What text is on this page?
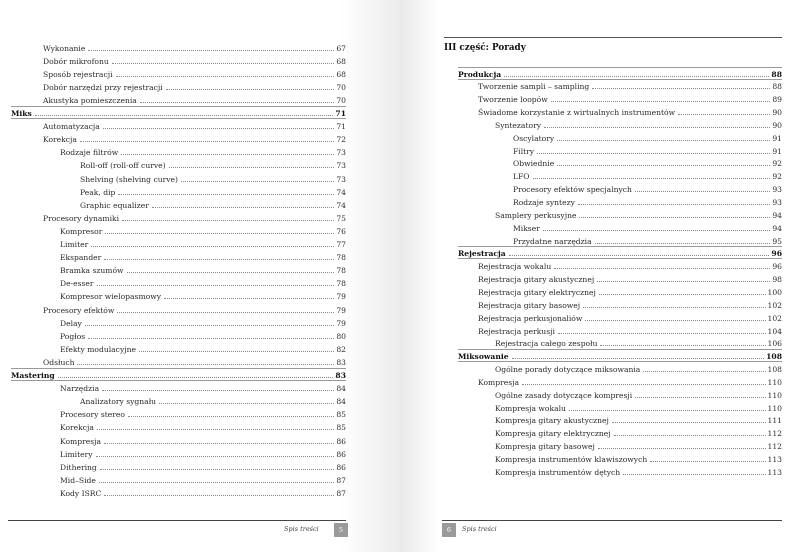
Wykonanie	67
Dobór mikrofonu	68
Sposób rejestracji	68
Dobór narzędzi przy rejestracji	70
Akustyka pomieszczenia	70
Miks	71
Automatyzacja	71
Korekcja	72
Rodzaje filtrów	73
Roll-off (roll-off curve)	73
Shelving (shelving curve)	73
Peak, dip	74
Graphic equalizer	74
Procesory dynamiki	75
Kompresor	76
Limiter	77
Ekspander	78
Bramka szumów	78
De-esser	78
Kompresor wielopasmowy	79
Procesory efektów	79
Delay	79
Pogłos	80
Efekty modulacyjne	82
Odsłuch	83
Mastering	83
Narzędzia	84
Analizatory sygnału	84
Procesory stereo	85
Korekcja	85
Kompresja	86
Limitery	86
Dithering	86
Mid–Side	87
Kody ISRC	87
Spis treści	5
III część: Porady
Produkcja	88
Tworzenie sampli – sampling	88
Tworzenie loopów	89
Świadome korzystanie z wirtualnych instrumentów	90
Syntezatory	90
Oscylatory	91
Filtry	91
Obwiednie	92
LFO	92
Procesory efektów specjalnych	93
Rodzaje syntezy	93
Samplery perkusyjne	94
Mikser	94
Przydatne narzędzia	95
Rejestracja	96
Rejestracja wokalu	96
Rejestracja gitary akustycznej	98
Rejestracja gitary elektrycznej	100
Rejestracja gitary basowej	102
Rejestracja perkusjonaliów	102
Rejestracja perkusji	104
Rejestracja całego zespołu	106
Miksowanie	108
Ogólne porady dotyczące miksowania	108
Kompresja	110
Ogólne zasady dotyczące kompresji	110
Kompresja wokalu	110
Kompresja gitary akustycznej	111
Kompresja gitary elektrycznej	112
Kompresja gitary basowej	112
Kompresja instrumentów klawiszowych	113
Kompresja instrumentów dętych	113
6	Spis treści
